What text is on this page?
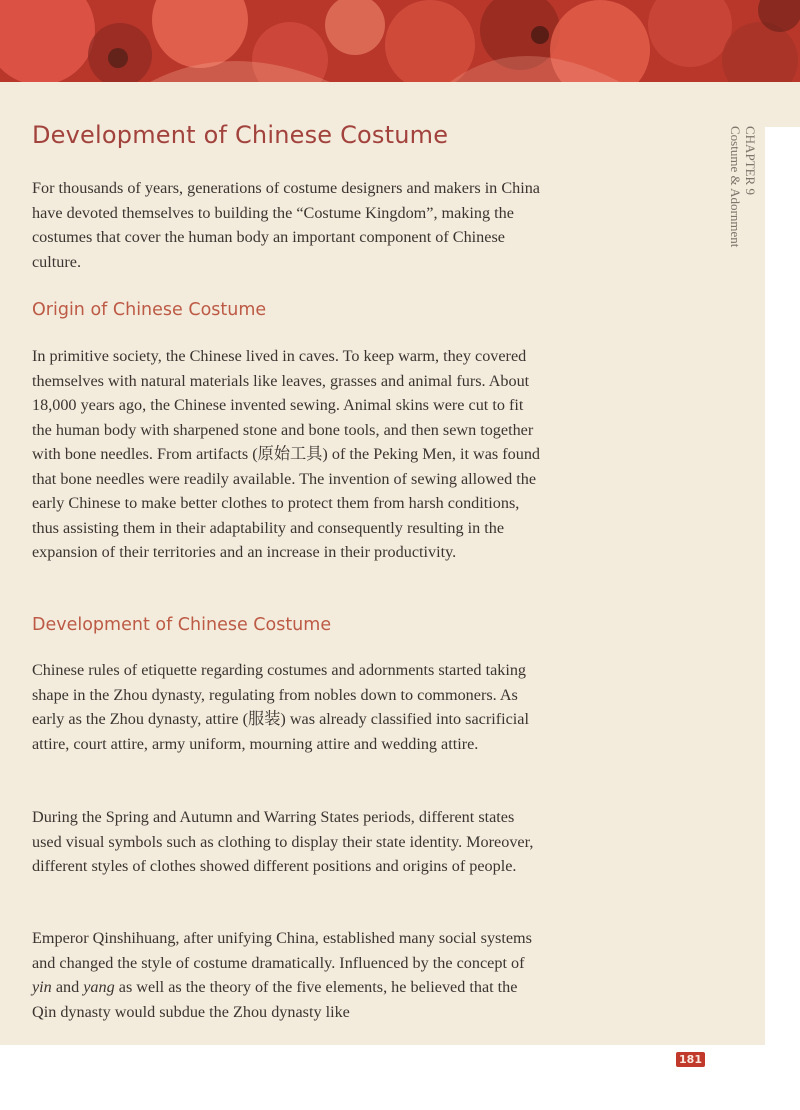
CHAPTER 9
Costume & Adornment
Development of Chinese Costume

For thousands of years, generations of costume designers and makers in China have devoted themselves to building the “Costume Kingdom”, making the costumes that cover the human body an important component of Chinese culture.

Origin of Chinese Costume

In primitive society, the Chinese lived in caves. To keep warm, they covered themselves with natural materials like leaves, grasses and animal furs. About 18,000 years ago, the Chinese invented sewing. Animal skins were cut to fit the human body with sharpened stone and bone tools, and then sewn together with bone needles. From artifacts (原始工具) of the Peking Men, it was found that bone needles were readily available. The invention of sewing allowed the early Chinese to make better clothes to protect them from harsh conditions, thus assisting them in their adaptability and consequently resulting in the expansion of their territories and an increase in their productivity.

Development of Chinese Costume

Chinese rules of etiquette regarding costumes and adornments started taking shape in the Zhou dynasty, regulating from nobles down to commoners. As early as the Zhou dynasty, attire (服装) was already classified into sacrificial attire, court attire, army uniform, mourning attire and wedding attire.

During the Spring and Autumn and Warring States periods, different states used visual symbols such as clothing to display their state identity. Moreover, different styles of clothes showed different positions and origins of people.

Emperor Qinshihuang, after unifying China, established many social systems and changed the style of costume dramatically. Influenced by the concept of yin and yang as well as the theory of the five elements, he believed that the Qin dynasty would subdue the Zhou dynasty like

181
